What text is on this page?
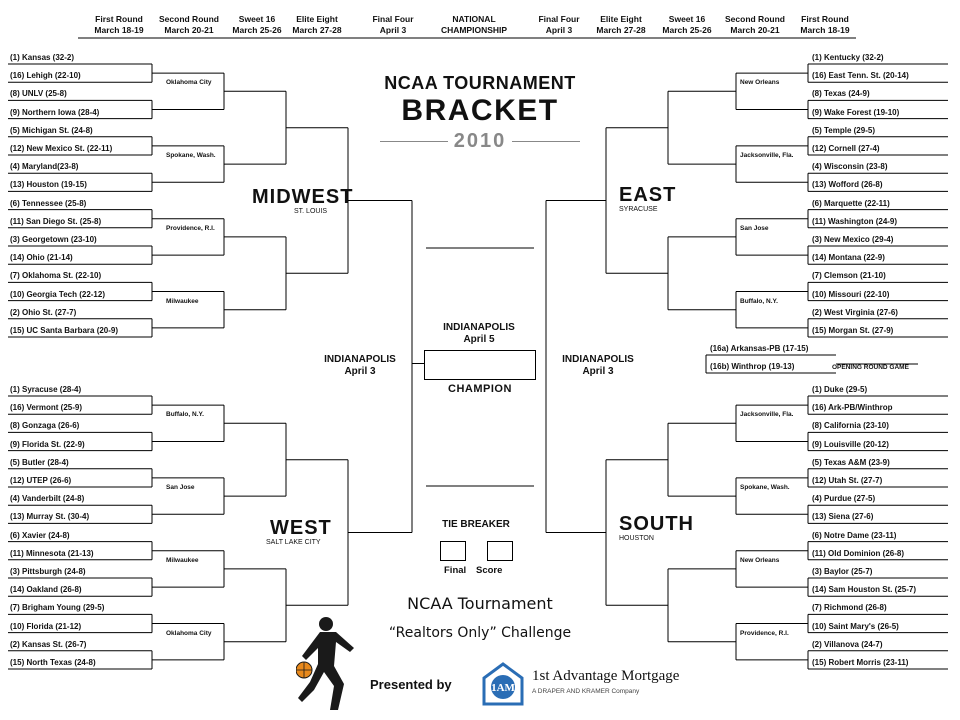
First Round
March 18-19
Second Round
March 20-21
Sweet 16
March 25-26
Elite Eight
March 27-28
Final Four
April 3
NATIONAL
CHAMPIONSHIP
Final Four
April 3
Elite Eight
March 27-28
Sweet 16
March 25-26
Second Round
March 20-21
First Round
March 18-19
NCAA TOURNAMENT
BRACKET
2010
MIDWEST
ST. LOUIS
WEST
SALT LAKE CITY
EAST
SYRACUSE
SOUTH
HOUSTON
INDIANAPOLIS
April 3
INDIANAPOLIS
April 3
INDIANAPOLIS
April 5
CHAMPION
TIE BREAKER
Final Score
(16a) Arkansas-PB (17-15)
(16b) Winthrop (19-13)	OPENING ROUND GAME
NCAA Tournament
“Realtors Only” Challenge
Presented by	1AM
1st Advantage Mortgage
A DRAPER AND KRAMER Company
(1) Kansas (32-2)
(16) Lehigh (22-10)
(8) UNLV (25-8)
(9) Northern Iowa (28-4)
(5) Michigan St. (24-8)
(12) New Mexico St. (22-11)
(4) Maryland(23-8)
(13) Houston (19-15)
(6) Tennessee (25-8)
(11) San Diego St. (25-8)
(3) Georgetown (23-10)
(14) Ohio (21-14)
(7) Oklahoma St. (22-10)
(10) Georgia Tech (22-12)
(2) Ohio St. (27-7)
(15) UC Santa Barbara (20-9)
Oklahoma City
Spokane, Wash.
Providence, R.I.
Milwaukee
(1) Syracuse (28-4)
(16) Vermont (25-9)
(8) Gonzaga (26-6)
(9) Florida St. (22-9)
(5) Butler (28-4)
(12) UTEP (26-6)
(4) Vanderbilt (24-8)
(13) Murray St. (30-4)
(6) Xavier (24-8)
(11) Minnesota (21-13)
(3) Pittsburgh (24-8)
(14) Oakland (26-8)
(7) Brigham Young (29-5)
(10) Florida (21-12)
(2) Kansas St. (26-7)
(15) North Texas (24-8)
Buffalo, N.Y.
San Jose
Milwaukee
Oklahoma City
(1) Kentucky (32-2)
(16) East Tenn. St. (20-14)
(8) Texas (24-9)
(9) Wake Forest (19-10)
(5) Temple (29-5)
(12) Cornell (27-4)
(4) Wisconsin (23-8)
(13) Wofford (26-8)
(6) Marquette (22-11)
(11) Washington (24-9)
(3) New Mexico (29-4)
(14) Montana (22-9)
(7) Clemson (21-10)
(10) Missouri (22-10)
(2) West Virginia (27-6)
(15) Morgan St. (27-9)
New Orleans
Jacksonville, Fla.
San Jose
Buffalo, N.Y.
(1) Duke (29-5)
(16) Ark-PB/Winthrop
(8) California (23-10)
(9) Louisville (20-12)
(5) Texas A&M (23-9)
(12) Utah St. (27-7)
(4) Purdue (27-5)
(13) Siena (27-6)
(6) Notre Dame (23-11)
(11) Old Dominion (26-8)
(3) Baylor (25-7)
(14) Sam Houston St. (25-7)
(7) Richmond (26-8)
(10) Saint Mary's (26-5)
(2) Villanova (24-7)
(15) Robert Morris (23-11)
Jacksonville, Fla.
Spokane, Wash.
New Orleans
Providence, R.I.
